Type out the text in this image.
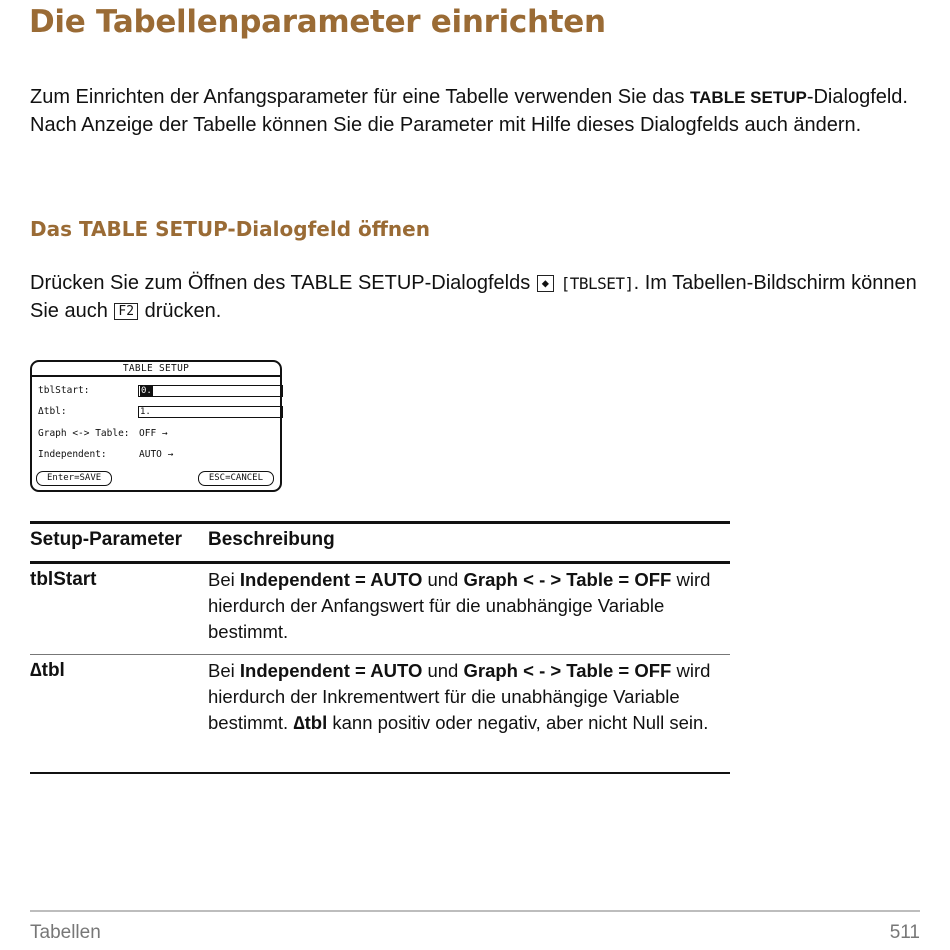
Die Tabellenparameter einrichten

Zum Einrichten der Anfangsparameter für eine Tabelle verwenden Sie das TABLE SETUP-Dialogfeld. Nach Anzeige der Tabelle können Sie die Parameter mit Hilfe dieses Dialogfelds auch ändern.

Das TABLE SETUP-Dialogfeld öffnen

Drücken Sie zum Öffnen des TABLE SETUP-Dialogfelds ◆ [TBLSET]. Im Tabellen-Bildschirm können Sie auch F2 drücken.

TABLE SETUP
tblStart:	0.
Δtbl:	1.
Graph <-> Table: OFF →
Independent:	AUTO →
Enter=SAVE	ESC=CANCEL
Setup-Parameter Beschreibung
tblStart	Bei Independent = AUTO und Graph < - > Table = OFF wird hierdurch der Anfangswert für die unabhängige Variable bestimmt.
∆tbl	Bei Independent = AUTO und Graph < - > Table = OFF wird hierdurch der Inkrementwert für die unabhängige Variable bestimmt. ∆tbl kann positiv oder negativ, aber nicht Null sein.
Tabellen	511
